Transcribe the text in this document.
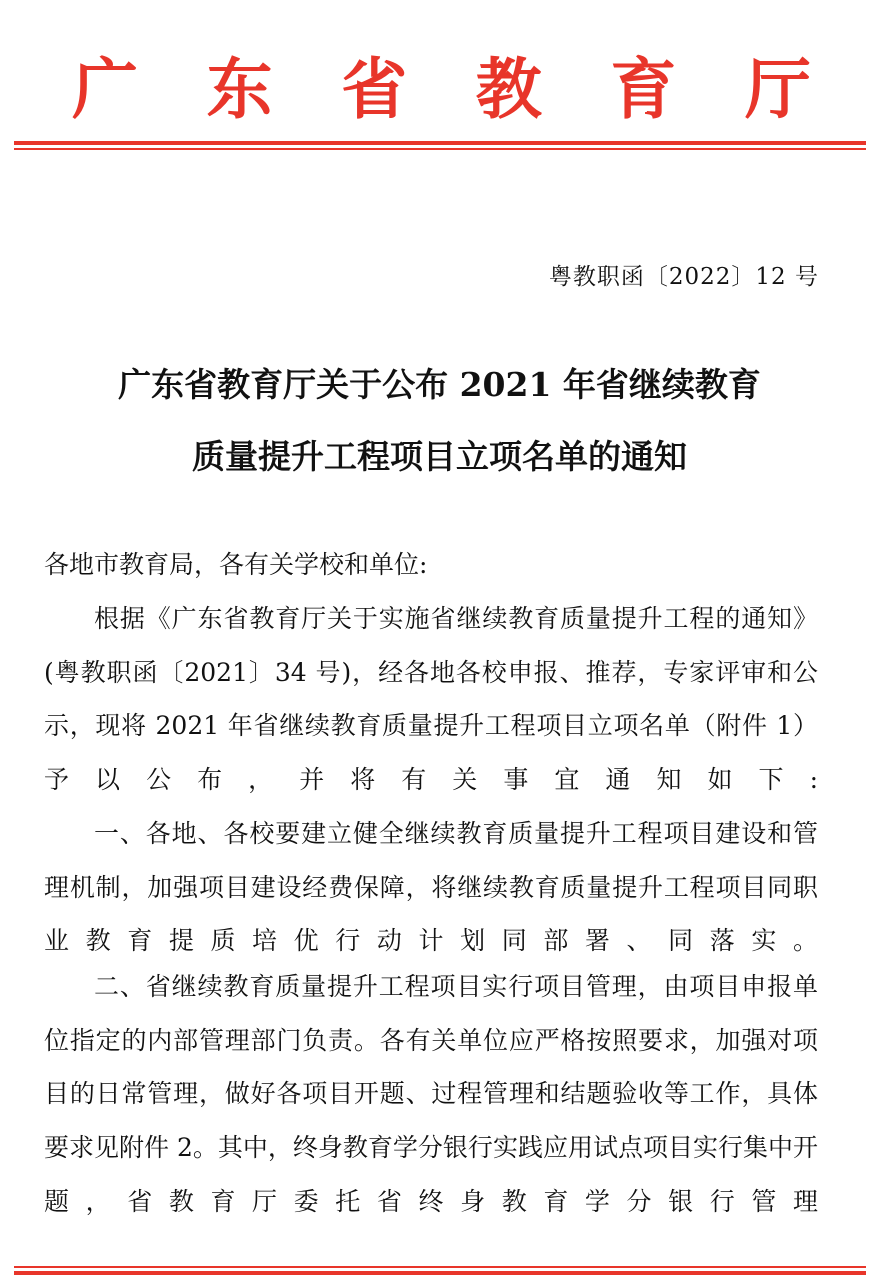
广 东 省 教 育 厅
粤教职函〔2022〕12 号
广东省教育厅关于公布 2021 年省继续教育
质量提升工程项目立项名单的通知
各地市教育局，各有关学校和单位:
根据《广东省教育厅关于实施省继续教育质量提升工程的通知》(粤教职函〔2021〕34 号)，经各地各校申报、推荐，专家评审和公示，现将 2021 年省继续教育质量提升工程项目立项名单（附件 1）予以公布，并将有关事宜通知如下:
一、各地、各校要建立健全继续教育质量提升工程项目建设和管理机制，加强项目建设经费保障，将继续教育质量提升工程项目同职业教育提质培优行动计划同部署、同落实。
二、省继续教育质量提升工程项目实行项目管理，由项目申报单位指定的内部管理部门负责。各有关单位应严格按照要求，加强对项目的日常管理，做好各项目开题、过程管理和结题验收等工作，具体要求见附件 2。其中，终身教育学分银行实践应用试点项目实行集中开题，省教育厅委托省终身教育学分银行管理
